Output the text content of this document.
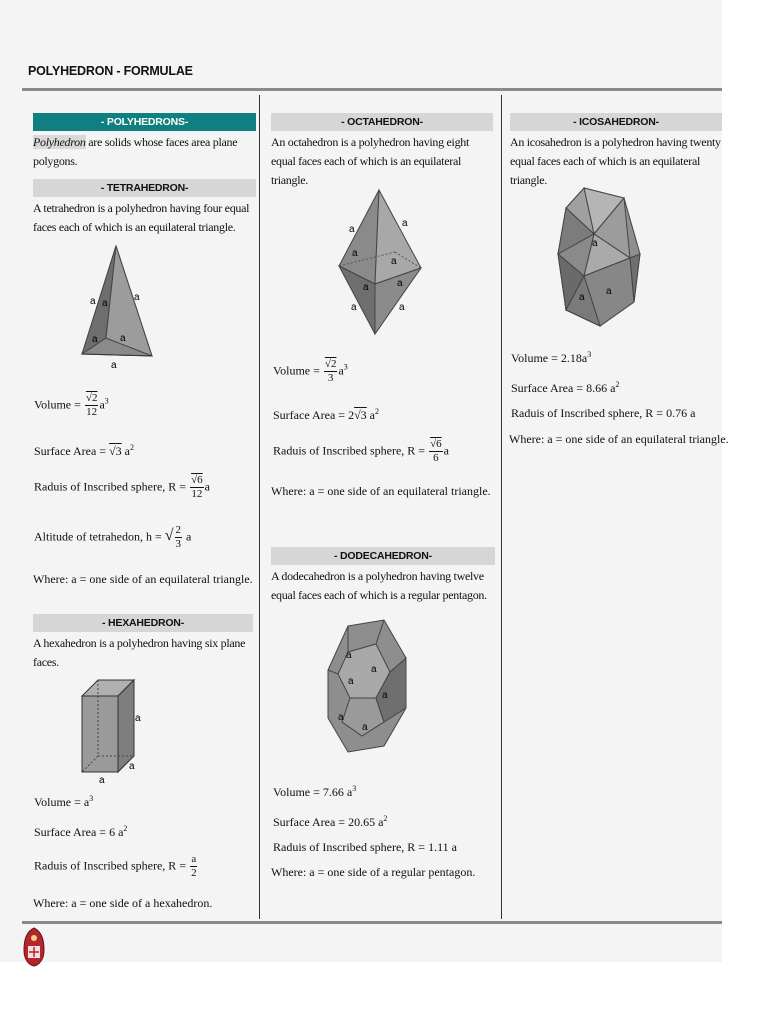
POLYHEDRON - FORMULAE
- POLYHEDRONS-
Polyhedron are solids whose faces area plane polygons.
- TETRAHEDRON-
A tetrahedron is a polyhedron having four equal faces each of which is an equilateral triangle.
a a
a
a a
a
Volume = √ $\frac{2}{12} a^3$
Surface Area = √ 3 $a^2$
Raduis of Inscribed sphere, R = √ $\frac{6}{12}$ a
Altitude of tetrahedon, h = √ $\frac{2}{3}$ a
Where: a = one side of an equilateral triangle.
- HEXAHEDRON-
A hexahedron is a polyhedron having six plane faces.
a
a
a
Volume = $a^3$
Surface Area = 6 $a^2$
Raduis of Inscribed sphere, $R = \frac{a}{2}$
Where: a = one side of a hexahedron.
- OCTAHEDRON-
An octahedron is a polyhedron having eight equal faces each of which is an equilateral triangle.
a
a
a
a
a	a
a	a
Volume = √ $\frac{2}{3} a^3$
Surface Area = 2 √ 3 $a^2$
Raduis of Inscribed sphere, R = √ $\frac{6}{6}$ a
Where: a = one side of an equilateral triangle.
- DODECAHEDRON-
A dodecahedron is a polyhedron having twelve equal faces each of which is a regular pentagon.
a
a
a
a
a
a
Volume = 7.66 $a^3$
Surface Area = 20.65 $a^2$
Raduis of Inscribed sphere, R = 1.11 a
Where: a = one side of a regular pentagon.
- ICOSAHEDRON-
An icosahedron is a polyhedron having twenty equal faces each of which is an equilateral triangle.
a
a
a
Volume = $2.18a^3$
Surface Area = 8.66 $a^2$
Raduis of Inscribed sphere, R = 0.76 a
Where: a = one side of an equilateral triangle.
